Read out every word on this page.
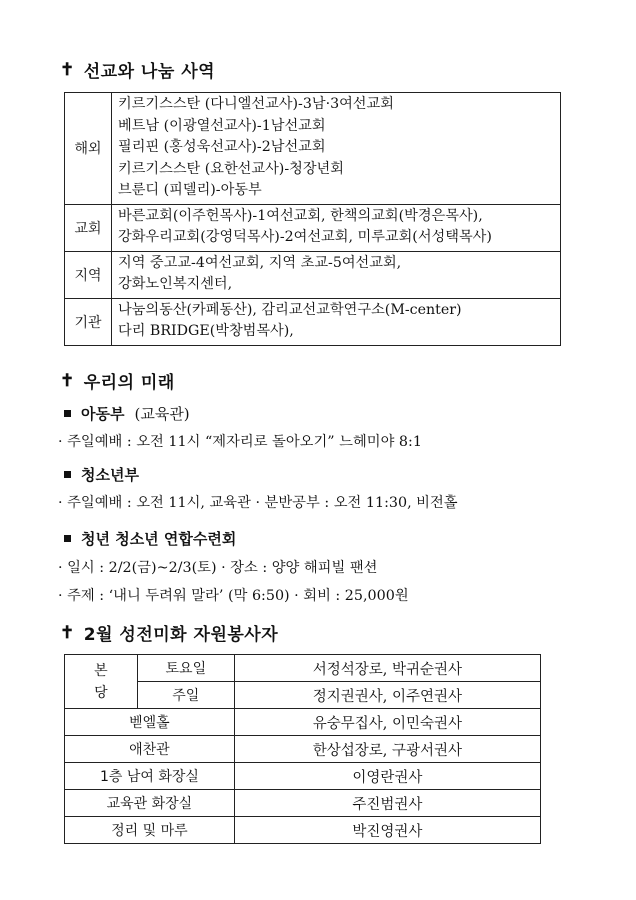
✝ 선교와 나눔 사역
해외	키르기스스탄 (다니엘선교사)-3남·3여선교회
베트남 (이광열선교사)-1남선교회
필리핀 (홍성욱선교사)-2남선교회
키르기스스탄 (요한선교사)-청장년회
브룬디 (피델리)-아동부

교회	바른교회(이주헌목사)-1여선교회, 한책의교회(박경은목사),
강화우리교회(강영덕목사)-2여선교회, 미루교회(서성택목사)

지역	지역 중고교-4여선교회, 지역 초교-5여선교회,
강화노인복지센터,

기관	나눔의동산(카페동산), 감리교선교학연구소(M-center)
다리 BRIDGE(박창범목사),
✝ 우리의 미래
아동부 (교육관)
· 주일예배 : 오전 11시 “제자리로 돌아오기” 느헤미야 8:1
청소년부
· 주일예배 : 오전 11시, 교육관 · 분반공부 : 오전 11:30, 비전홀
청년 청소년 연합수련회
· 일시 : 2/2(금)~2/3(토) · 장소 : 양양 해피빌 팬션
· 주제 : ‘내니 두려워 말라’ (막 6:50) · 회비 : 25,000원
✝ 2월 성전미화 자원봉사자
본
당	토요일	서정석장로, 박귀순권사
	주일	정지권권사, 이주연권사
벧엘홀		유숭무집사, 이민숙권사
애찬관		한상섭장로, 구광서권사
1층 남여 화장실		이영란권사
교육관 화장실		주진범권사
정리 및 마루		박진영권사
